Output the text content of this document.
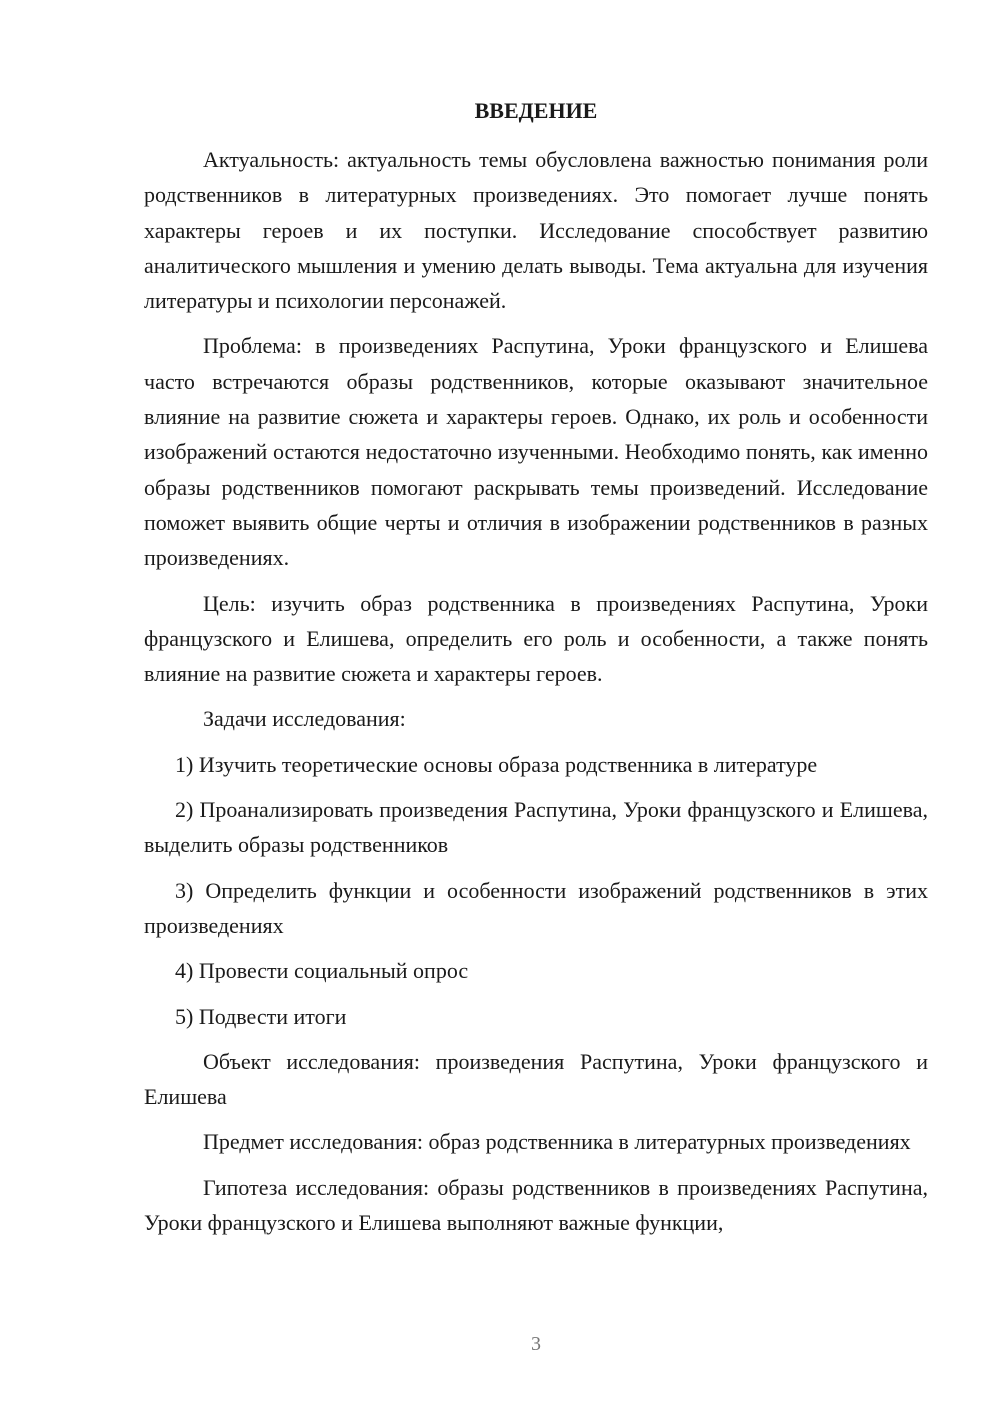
ВВЕДЕНИЕ

Актуальность: актуальность темы обусловлена важностью понимания роли родственников в литературных произведениях. Это помогает лучше понять характеры героев и их поступки. Исследование способствует развитию аналитического мышления и умению делать выводы. Тема актуальна для изучения литературы и психологии персонажей.

Проблема: в произведениях Распутина, Уроки французского и Елишева часто встречаются образы родственников, которые оказывают значительное влияние на развитие сюжета и характеры героев. Однако, их роль и особенности изображений остаются недостаточно изученными. Необходимо понять, как именно образы родственников помогают раскрывать темы произведений. Исследование поможет выявить общие черты и отличия в изображении родственников в разных произведениях.

Цель: изучить образ родственника в произведениях Распутина, Уроки французского и Елишева, определить его роль и особенности, а также понять влияние на развитие сюжета и характеры героев.

Задачи исследования:

1) Изучить теоретические основы образа родственника в литературе

2) Проанализировать произведения Распутина, Уроки французского и Елишева, выделить образы родственников

3) Определить функции и особенности изображений родственников в этих произведениях

4) Провести социальный опрос

5) Подвести итоги

Объект исследования: произведения Распутина, Уроки французского и Елишева

Предмет исследования: образ родственника в литературных произведениях

Гипотеза исследования: образы родственников в произведениях Распутина, Уроки французского и Елишева выполняют важные функции,

3
